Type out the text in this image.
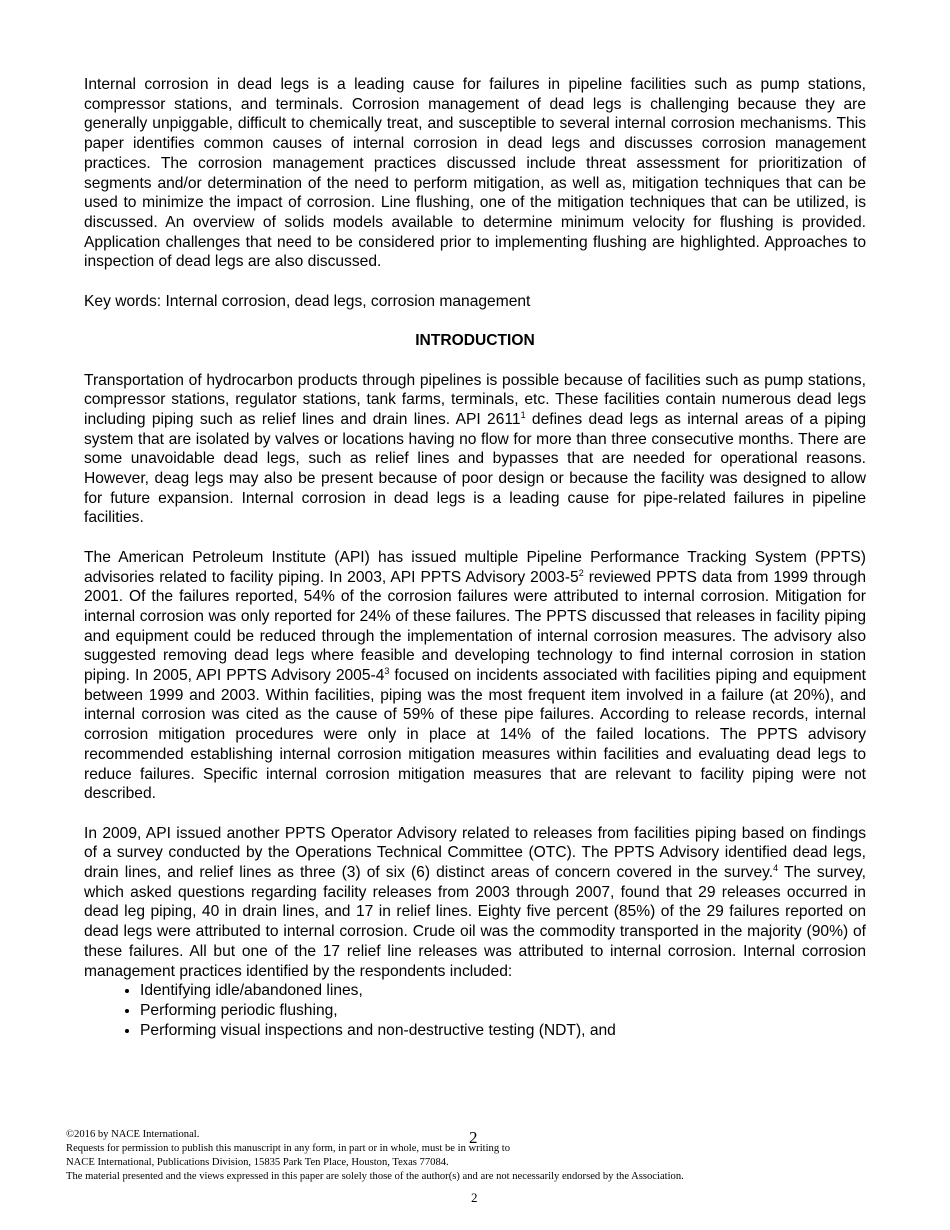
Internal corrosion in dead legs is a leading cause for failures in pipeline facilities such as pump stations, compressor stations, and terminals. Corrosion management of dead legs is challenging because they are generally unpiggable, difficult to chemically treat, and susceptible to several internal corrosion mechanisms. This paper identifies common causes of internal corrosion in dead legs and discusses corrosion management practices. The corrosion management practices discussed include threat assessment for prioritization of segments and/or determination of the need to perform mitigation, as well as, mitigation techniques that can be used to minimize the impact of corrosion. Line flushing, one of the mitigation techniques that can be utilized, is discussed. An overview of solids models available to determine minimum velocity for flushing is provided. Application challenges that need to be considered prior to implementing flushing are highlighted. Approaches to inspection of dead legs are also discussed.

Key words: Internal corrosion, dead legs, corrosion management

INTRODUCTION

Transportation of hydrocarbon products through pipelines is possible because of facilities such as pump stations, compressor stations, regulator stations, tank farms, terminals, etc. These facilities contain numerous dead legs including piping such as relief lines and drain lines. API 2611$^1$ defines dead legs as internal areas of a piping system that are isolated by valves or locations having no flow for more than three consecutive months. There are some unavoidable dead legs, such as relief lines and bypasses that are needed for operational reasons. However, deag legs may also be present because of poor design or because the facility was designed to allow for future expansion. Internal corrosion in dead legs is a leading cause for pipe-related failures in pipeline facilities.

The American Petroleum Institute (API) has issued multiple Pipeline Performance Tracking System (PPTS) advisories related to facility piping. In 2003, API PPTS Advisory $2003-5^2$ reviewed PPTS data from 1999 through 2001. Of the failures reported, 54% of the corrosion failures were attributed to internal corrosion. Mitigation for internal corrosion was only reported for 24% of these failures. The PPTS discussed that releases in facility piping and equipment could be reduced through the implementation of internal corrosion measures. The advisory also suggested removing dead legs where feasible and developing technology to find internal corrosion in station piping. In 2005, API PPTS Advisory $2005-4^3$ focused on incidents associated with facilities piping and equipment between 1999 and 2003. Within facilities, piping was the most frequent item involved in a failure (at 20%), and internal corrosion was cited as the cause of 59% of these pipe failures. According to release records, internal corrosion mitigation procedures were only in place at 14% of the failed locations. The PPTS advisory recommended establishing internal corrosion mitigation measures within facilities and evaluating dead legs to reduce failures. Specific internal corrosion mitigation measures that are relevant to facility piping were not described.

In 2009, API issued another PPTS Operator Advisory related to releases from facilities piping based on findings of a survey conducted by the Operations Technical Committee (OTC). The PPTS Advisory identified dead legs, drain lines, and relief lines as three (3) of six (6) distinct areas of concern covered in the survey.$^4$ The survey, which asked questions regarding facility releases from 2003 through 2007, found that 29 releases occurred in dead leg piping, 40 in drain lines, and 17 in relief lines. Eighty five percent (85%) of the 29 failures reported on dead legs were attributed to internal corrosion. Crude oil was the commodity transported in the majority (90%) of these failures. All but one of the 17 relief line releases was attributed to internal corrosion. Internal corrosion management practices identified by the respondents included:

• Identifying idle/abandoned lines,
• Performing periodic flushing,
• Performing visual inspections and non-destructive testing (NDT), and
©2016 by NACE International.
Requests for permission to publish this manuscript in any form, in part or in whole, must be in writing to
NACE International, Publications Division, 15835 Park Ten Place, Houston, Texas 77084.
The material presented and the views expressed in this paper are solely those of the author(s) and are not necessarily endorsed by the Association.
2
2
